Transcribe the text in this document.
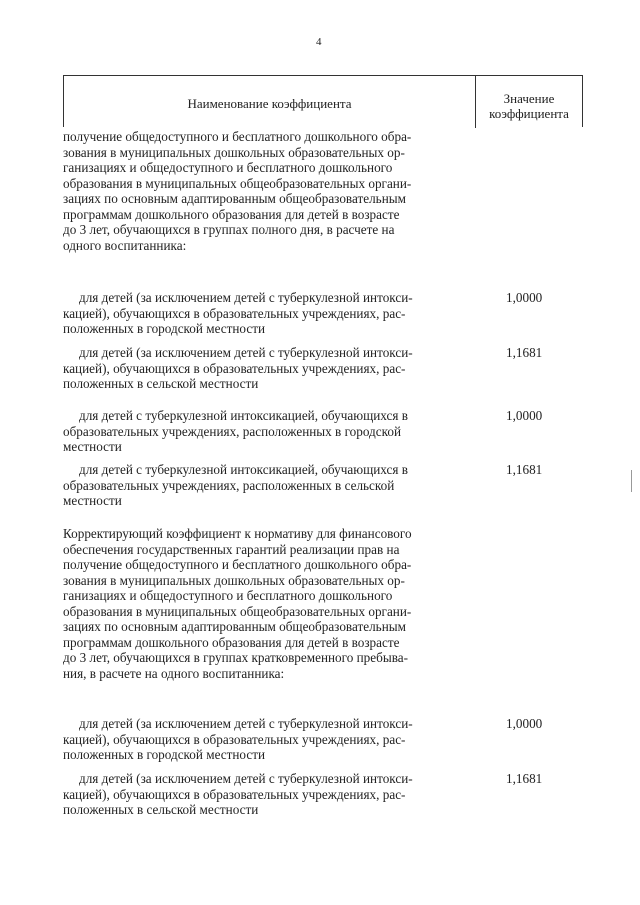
4
Наименование коэффициента	Значение
коэффициента
получение общедоступного и бесплатного дошкольного обра-
зования в муниципальных дошкольных образовательных ор-
ганизациях и общедоступного и бесплатного дошкольного
образования в муниципальных общеобразовательных органи-
зациях по основным адаптированным общеобразовательным
программам дошкольного образования для детей в возрасте
до 3 лет, обучающихся в группах полного дня, в расчете на
одного воспитанника:
для детей (за исключением детей с туберкулезной интокси-
кацией), обучающихся в образовательных учреждениях, рас-
положенных в городской местности
1,0000
для детей (за исключением детей с туберкулезной интокси-
кацией), обучающихся в образовательных учреждениях, рас-
положенных в сельской местности
1,1681
для детей с туберкулезной интоксикацией, обучающихся в
образовательных учреждениях, расположенных в городской
местности
1,0000
для детей с туберкулезной интоксикацией, обучающихся в
образовательных учреждениях, расположенных в сельской
местности
1,1681
Корректирующий коэффициент к нормативу для финансового
обеспечения государственных гарантий реализации прав на
получение общедоступного и бесплатного дошкольного обра-
зования в муниципальных дошкольных образовательных ор-
ганизациях и общедоступного и бесплатного дошкольного
образования в муниципальных общеобразовательных органи-
зациях по основным адаптированным общеобразовательным
программам дошкольного образования для детей в возрасте
до 3 лет, обучающихся в группах кратковременного пребыва-
ния, в расчете на одного воспитанника:
для детей (за исключением детей с туберкулезной интокси-
кацией), обучающихся в образовательных учреждениях, рас-
положенных в городской местности
1,0000
для детей (за исключением детей с туберкулезной интокси-
кацией), обучающихся в образовательных учреждениях, рас-
положенных в сельской местности
1,1681
